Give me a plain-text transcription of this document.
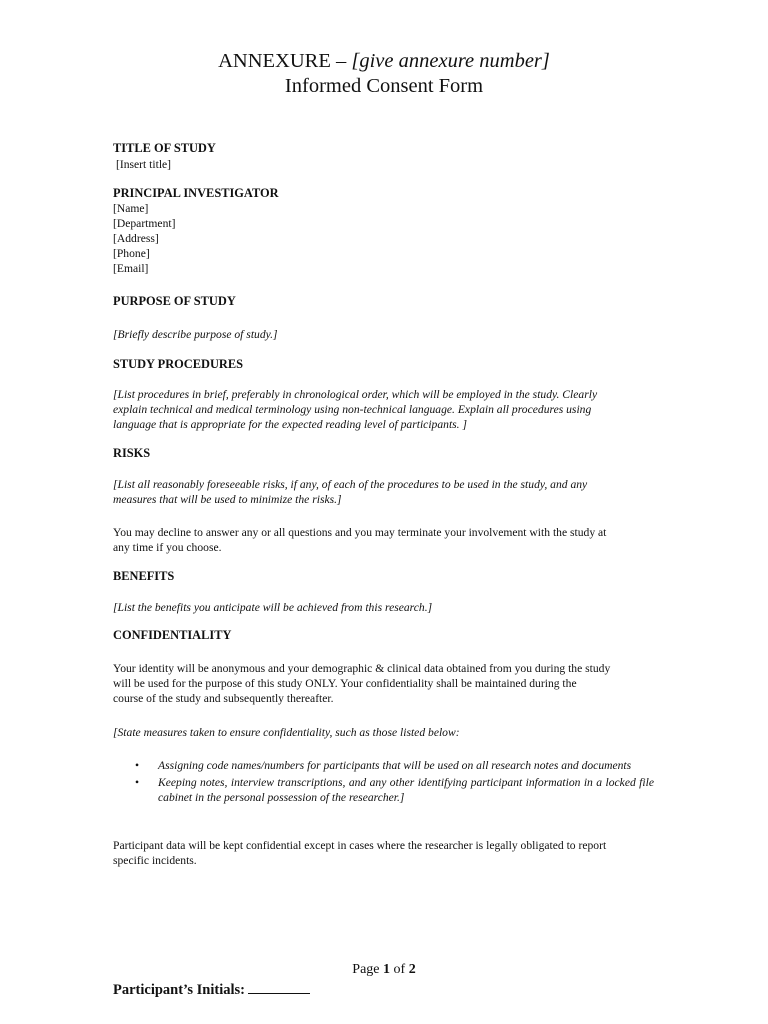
ANNEXURE – [give annexure number]
Informed Consent Form
TITLE OF STUDY
[Insert title]
PRINCIPAL INVESTIGATOR
[Name]
[Department]
[Address]
[Phone]
[Email]
PURPOSE OF STUDY
[Briefly describe purpose of study.]
STUDY PROCEDURES
[List procedures in brief, preferably in chronological order, which will be employed in the study. Clearly
explain technical and medical terminology using non-technical language. Explain all procedures using
language that is appropriate for the expected reading level of participants. ]
RISKS
[List all reasonably foreseeable risks, if any, of each of the procedures to be used in the study, and any
measures that will be used to minimize the risks.]
You may decline to answer any or all questions and you may terminate your involvement with the study at
any time if you choose.
BENEFITS
[List the benefits you anticipate will be achieved from this research.]
CONFIDENTIALITY
Your identity will be anonymous and your demographic & clinical data obtained from you during the study
will be used for the purpose of this study ONLY. Your confidentiality shall be maintained during the
course of the study and subsequently thereafter.
[State measures taken to ensure confidentiality, such as those listed below:
• Assigning code names/numbers for participants that will be used on all research notes and documents
• Keeping notes, interview transcriptions, and any other identifying participant information in a locked file cabinet in the personal possession of the researcher.]
Participant data will be kept confidential except in cases where the researcher is legally obligated to report
specific incidents.
Page 1 of 2
Participant’s Initials:
